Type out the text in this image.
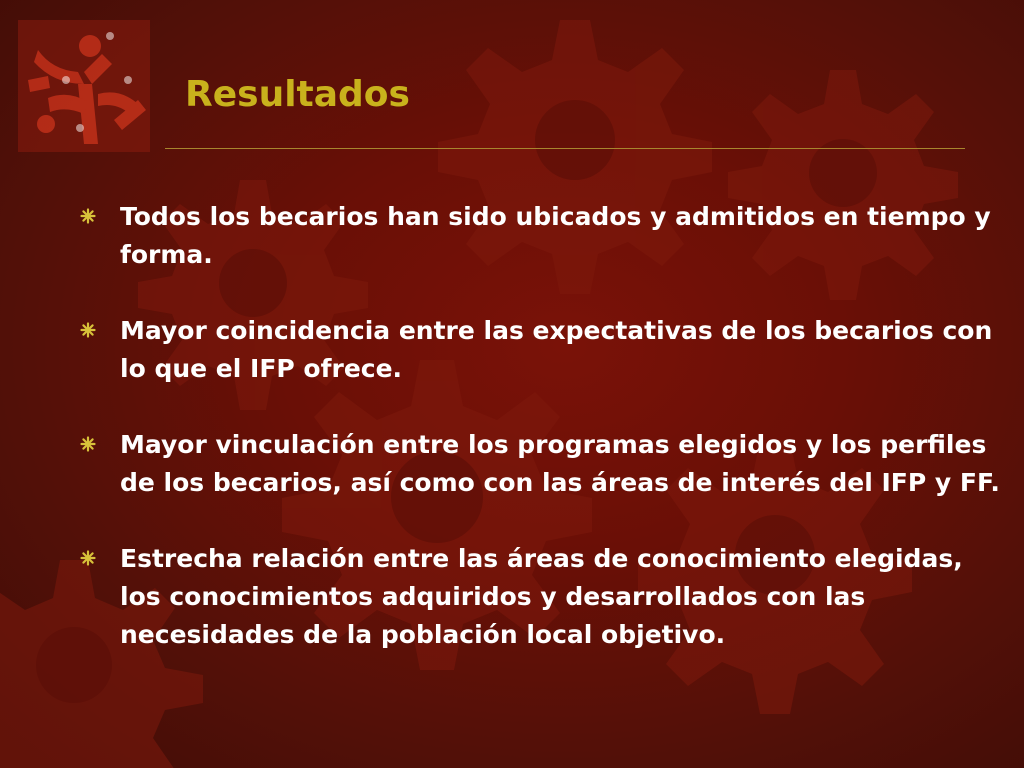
Resultados
Todos los becarios han sido ubicados y admitidos en tiempo y forma.
Mayor coincidencia entre las expectativas de los becarios con lo que el IFP ofrece.
Mayor vinculación entre los programas elegidos y los perfiles de los becarios, así como con las áreas de interés del IFP y FF.
Estrecha relación entre las áreas de conocimiento elegidas, los conocimientos adquiridos y desarrollados con las necesidades de la población local objetivo.
